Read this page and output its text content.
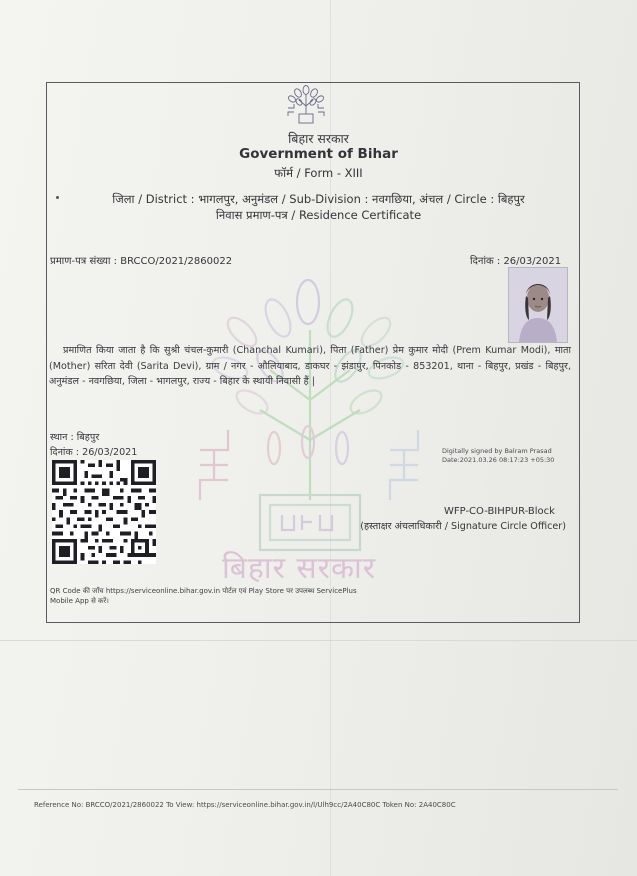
बिहार सरकार
Government of Bihar
फॉर्म / Form - XIII
जिला / District : भागलपुर, अनुमंडल / Sub-Division : नवगछिया, अंचल / Circle : बिहपुर
निवास प्रमाण-पत्र / Residence Certificate
प्रमाण-पत्र संख्या : BRCCO/2021/2860022	दिनांक : 26/03/2021
बिहार सरकार
प्रमाणित किया जाता है कि सुश्री चंचल-कुमारी (Chanchal Kumari), पिता (Father) प्रेम कुमार मोदी (Prem Kumar Modi), माता (Mother) सरिता देवी (Sarita Devi), ग्राम / नगर - औलियाबाद, डाकघर - झंडापुर, पिनकोड - 853201, थाना - बिहपुर, प्रखंड - बिहपुर, अनुमंडल - नवगछिया, जिला - भागलपुर, राज्य - बिहार के स्थायी निवासी हैं |
स्थान : बिहपुर
दिनांक : 26/03/2021	Digitally signed by Balram Prasad
Date:2021.03.26 08:17:23 +05:30
WFP-CO-BIHPUR-Block
(हस्ताक्षर अंचलाधिकारी / Signature Circle Officer)
QR Code की जाँच https://serviceonline.bihar.gov.in पोर्टल एवं Play Store पर उपलब्ध ServicePlus Mobile App से करें।
Reference No: BRCCO/2021/2860022 To View: https://serviceonline.bihar.gov.in/l/Ulh9cc/2A40C80C Token No: 2A40C80C
